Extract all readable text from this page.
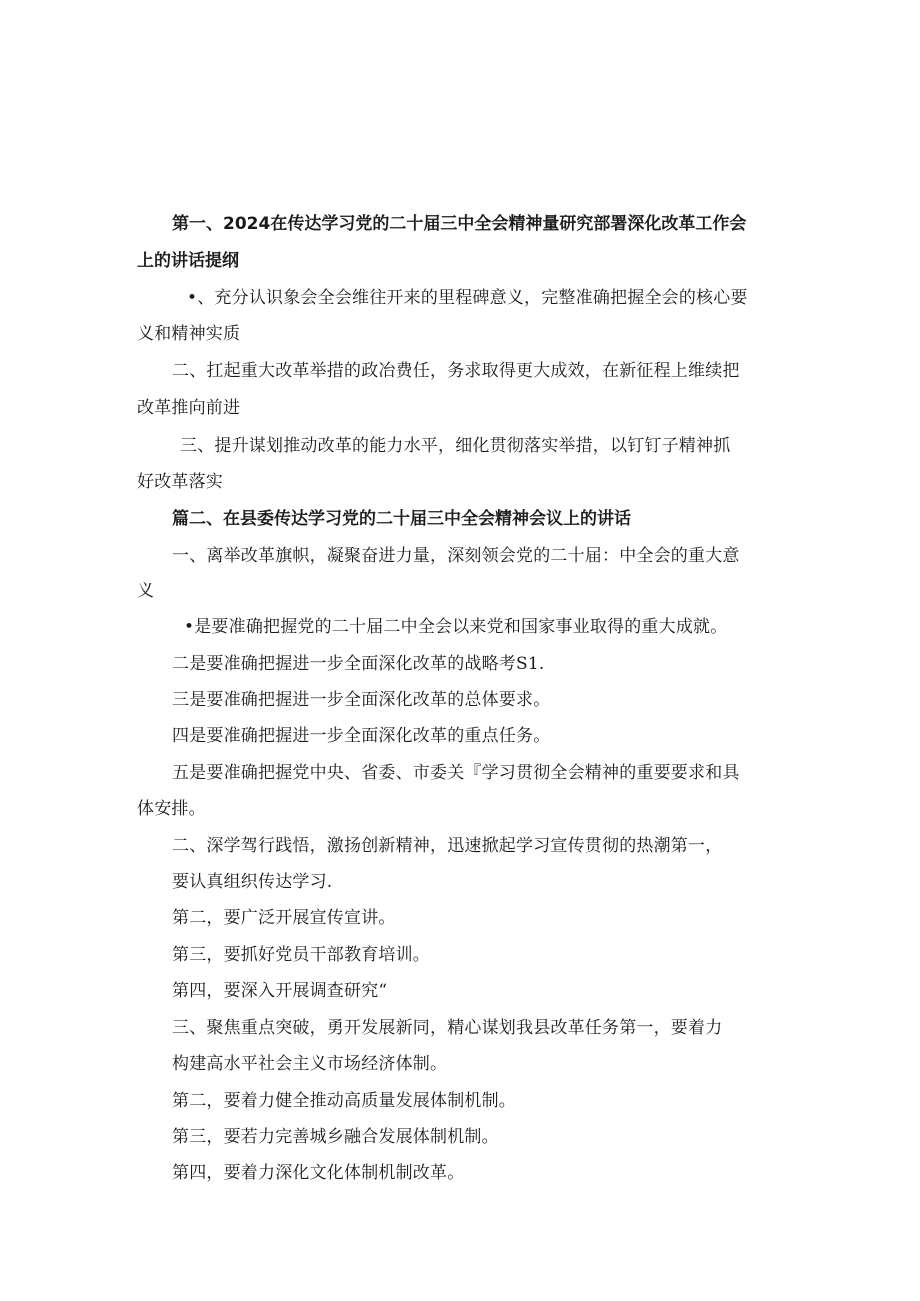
第一、2024在传达学习党的二十届三中全会精神量研究部署深化改革工作会
上的讲话提纲
•、充分认识象会全会维往开来的里程碑意义，完整准确把握全会的核心要
义和精神实质
二、扛起重大改革举措的政冶费任，务求取得更大成效，在新征程上维续把
改革推向前进
三、提升谋划推动改革的能力水平，细化贯彻落实举措，以钉钉子精神抓
好改革落实
篇二、在县委传达学习党的二十届三中全会精神会议上的讲话
一、离举改革旗帜，凝聚奋进力量，深刻领会党的二十届：中全会的重大意
义
•是要准确把握党的二十届二中全会以来党和国家事业取得的重大成就。
二是要准确把握进一步全面深化改革的战略考S1.
三是要准确把握进一步全面深化改革的总体要求。
四是要准确把握进一步全面深化改革的重点任务。
五是要准确把握党中央、省委、市委关『学习贯彻全会精神的重要要求和具
体安排。
二、深学驾行践悟，激扬创新精神，迅速掀起学习宣传贯彻的热潮第一，
要认真组织传达学习.
第二，要广泛开展宣传宣讲。
第三，要抓好党员干部教育培训。
第四，要深入开展调查研究“
三、聚焦重点突破，勇开发展新同，精心谋划我县改革任务第一，要着力
构建高水平社会主义市场经济体制。
第二，要着力健全推动高质量发展体制机制。
第三，要若力完善城乡融合发展体制机制。
第四，要着力深化文化体制机制改革。
